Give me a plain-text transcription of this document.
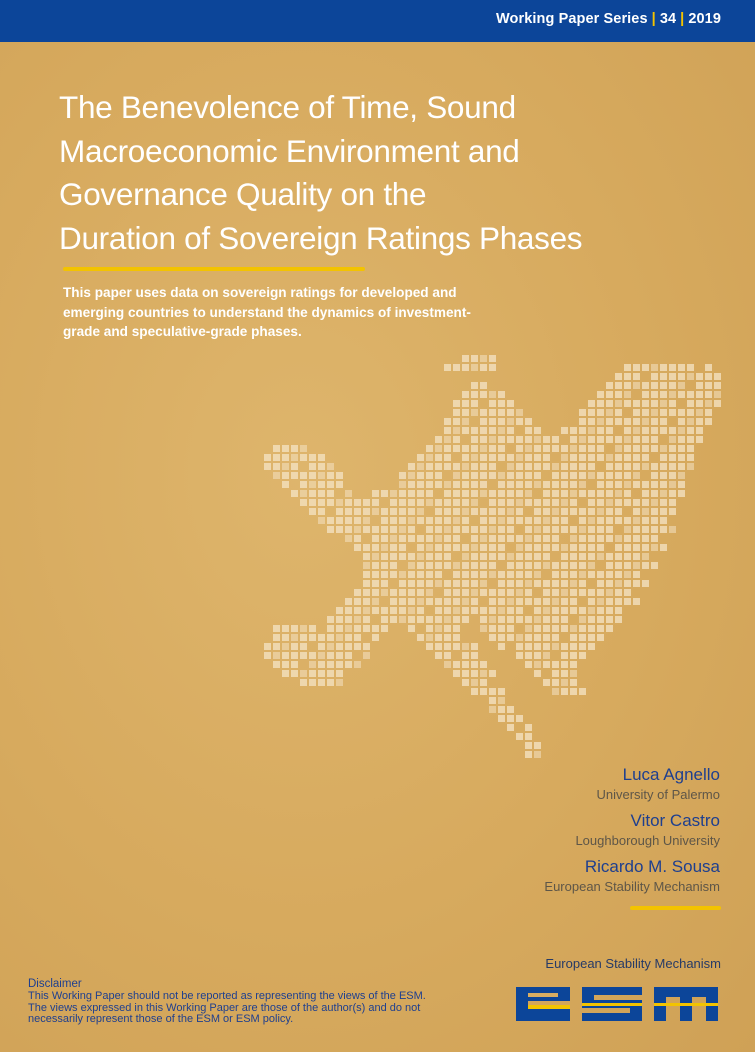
Working Paper Series | 34 | 2019
The Benevolence of Time, Sound
Macroeconomic Environment and
Governance Quality on the
Duration of Sovereign Ratings Phases
This paper uses data on sovereign ratings for developed and
emerging countries to understand the dynamics of investment-
grade and speculative-grade phases.
Luca Agnello
University of Palermo
Vitor Castro
Loughborough University
Ricardo M. Sousa
European Stability Mechanism
Disclaimer
This Working Paper should not be reported as representing the views of the ESM.
The views expressed in this Working Paper are those of the author(s) and do not
necessarily represent those of the ESM or ESM policy.
European Stability Mechanism
